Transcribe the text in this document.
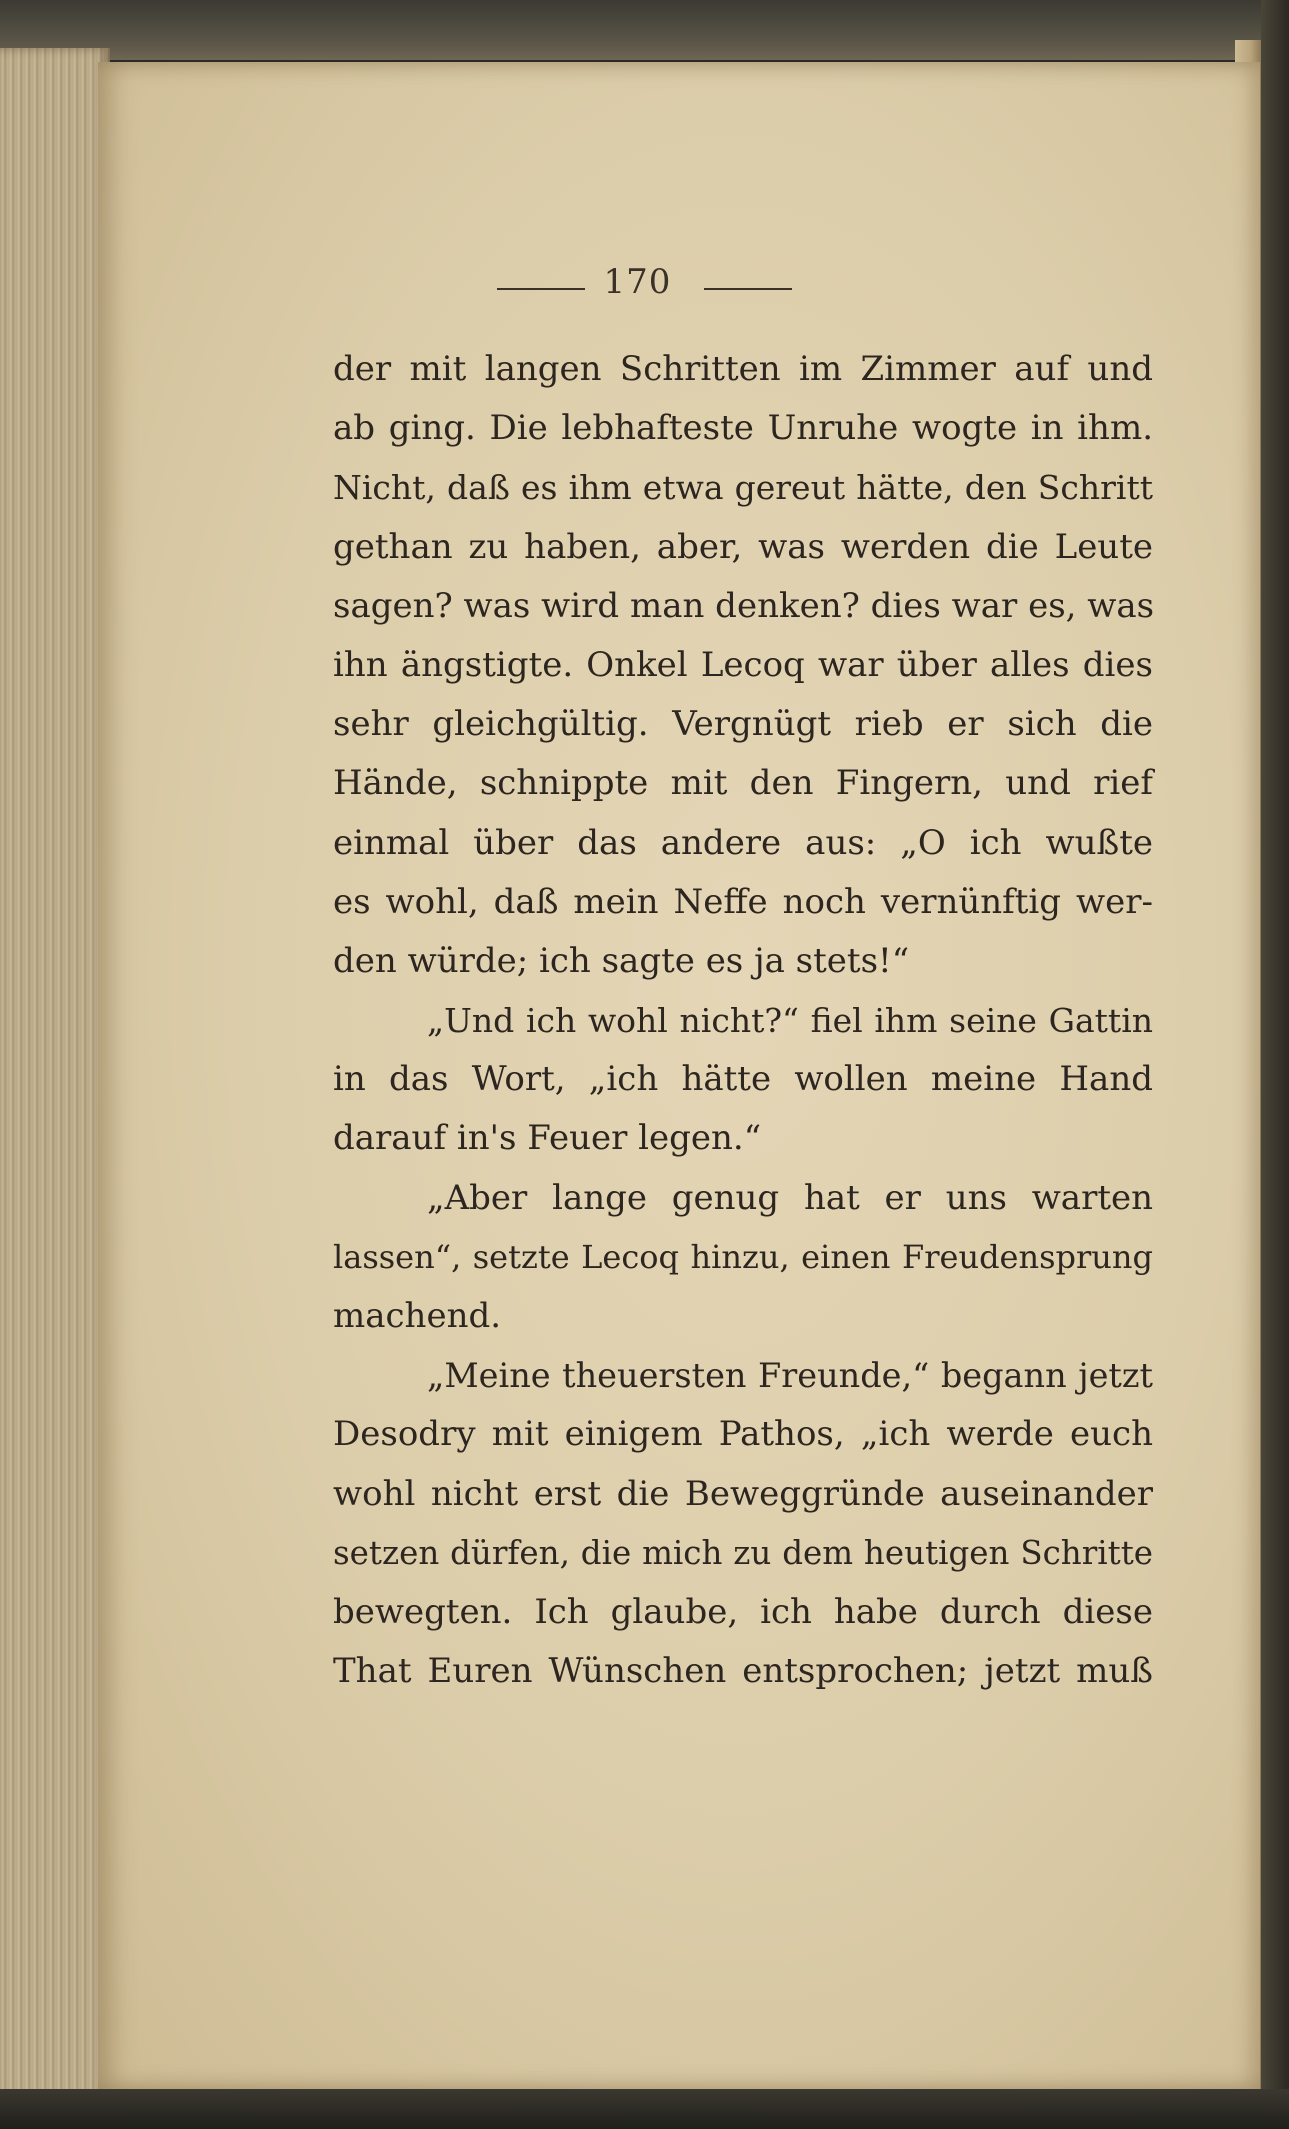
170
der mit langen Schritten im Zimmer auf und
ab ging. Die lebhafteste Unruhe wogte in ihm.
Nicht, daß es ihm etwa gereut hätte, den Schritt
gethan zu haben, aber, was werden die Leute
sagen? was wird man denken? dies war es, was
ihn ängstigte. Onkel Lecoq war über alles dies
sehr gleichgültig. Vergnügt rieb er sich die
Hände, schnippte mit den Fingern, und rief
einmal über das andere aus: „O ich wußte
es wohl, daß mein Neffe noch vernünftig wer-
den würde; ich sagte es ja stets!“
„Und ich wohl nicht?“ fiel ihm seine Gattin
in das Wort, „ich hätte wollen meine Hand
darauf in's Feuer legen.“
„Aber lange genug hat er uns warten
lassen“, setzte Lecoq hinzu, einen Freudensprung
machend.
„Meine theuersten Freunde,“ begann jetzt
Desodry mit einigem Pathos, „ich werde euch
wohl nicht erst die Beweggründe auseinander
setzen dürfen, die mich zu dem heutigen Schritte
bewegten. Ich glaube, ich habe durch diese
That Euren Wünschen entsprochen; jetzt muß
